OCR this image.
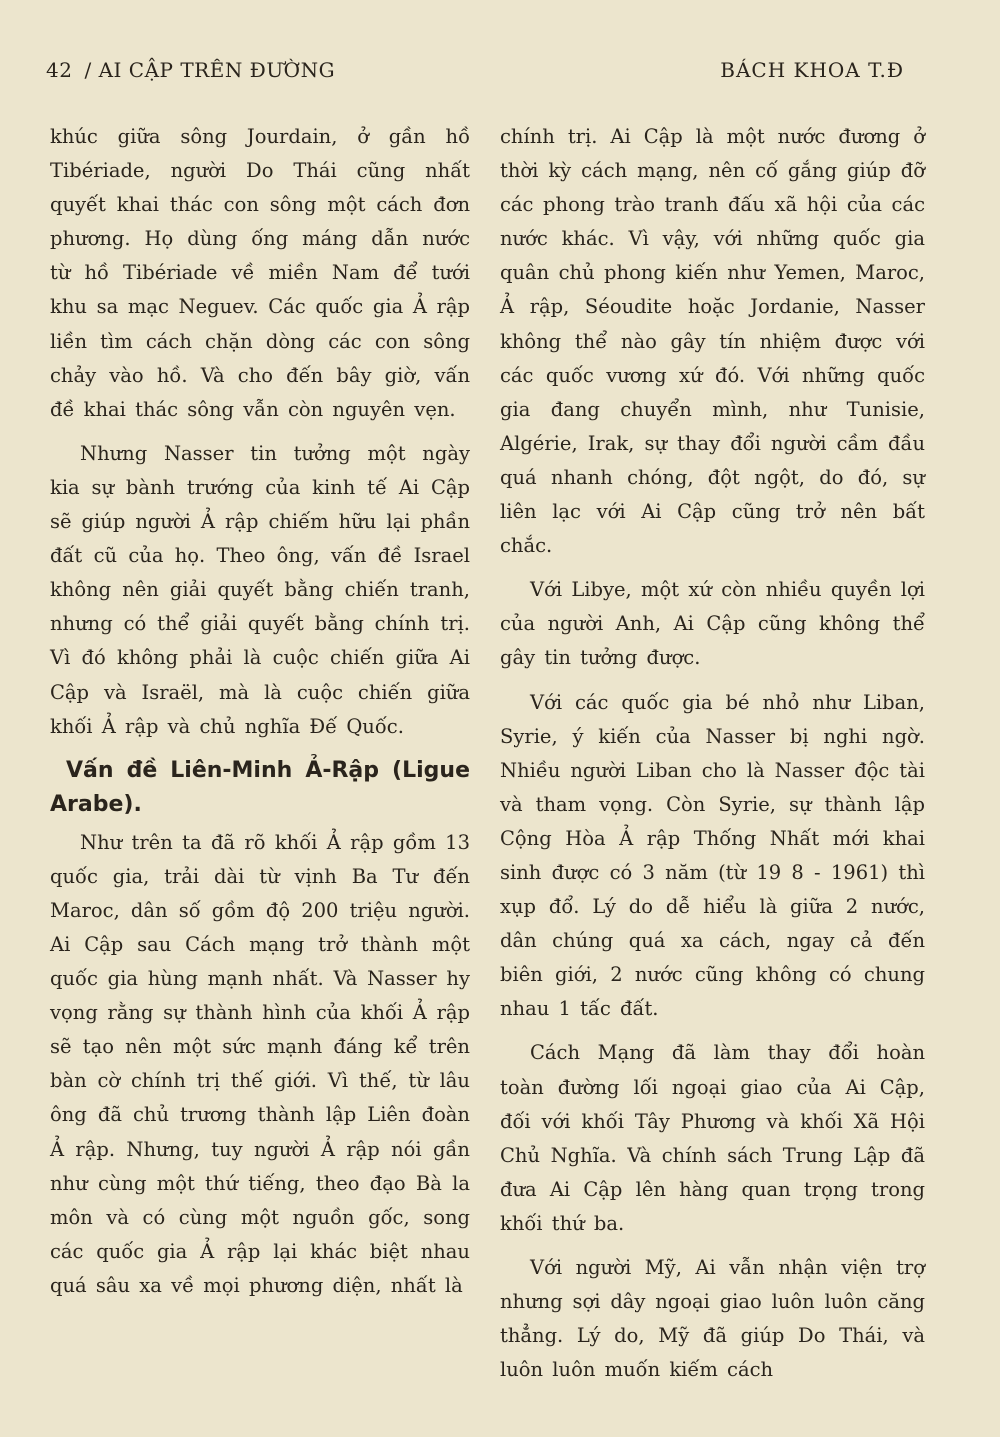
42 / AI CẬP TRÊN ĐƯỜNG	BÁCH KHOA T.Đ

khúc giữa sông Jourdain, ở gần hồ Tibériade, người Do Thái cũng nhất quyết khai thác con sông một cách đơn phương. Họ dùng ống máng dẫn nước từ hồ Tibériade về miền Nam để tưới khu sa mạc Neguev. Các quốc gia Ả rập liền tìm cách chặn dòng các con sông chảy vào hồ. Và cho đến bây giờ, vấn đề khai thác sông vẫn còn nguyên vẹn.

Nhưng Nasser tin tưởng một ngày kia sự bành trướng của kinh tế Ai Cập sẽ giúp người Ả rập chiếm hữu lại phần đất cũ của họ. Theo ông, vấn đề Israel không nên giải quyết bằng chiến tranh, nhưng có thể giải quyết bằng chính trị. Vì đó không phải là cuộc chiến giữa Ai Cập và Israël, mà là cuộc chiến giữa khối Ả rập và chủ nghĩa Đế Quốc.

Vấn đề Liên-Minh Ả-Rập (Ligue Arabe).

Như trên ta đã rõ khối Ả rập gồm 13 quốc gia, trải dài từ vịnh Ba Tư đến Maroc, dân số gồm độ 200 triệu người. Ai Cập sau Cách mạng trở thành một quốc gia hùng mạnh nhất. Và Nasser hy vọng rằng sự thành hình của khối Ả rập sẽ tạo nên một sức mạnh đáng kể trên bàn cờ chính trị thế giới. Vì thế, từ lâu ông đã chủ trương thành lập Liên đoàn Ả rập. Nhưng, tuy người Ả rập nói gần như cùng một thứ tiếng, theo đạo Bà la môn và có cùng một nguồn gốc, song các quốc gia Ả rập lại khác biệt nhau quá sâu xa về mọi phương diện, nhất là

chính trị. Ai Cập là một nước đương ở thời kỳ cách mạng, nên cố gắng giúp đỡ các phong trào tranh đấu xã hội của các nước khác. Vì vậy, với những quốc gia quân chủ phong kiến như Yemen, Maroc, Ả rập, Séoudite hoặc Jordanie, Nasser không thể nào gây tín nhiệm được với các quốc vương xứ đó. Với những quốc gia đang chuyển mình, như Tunisie, Algérie, Irak, sự thay đổi người cầm đầu quá nhanh chóng, đột ngột, do đó, sự liên lạc với Ai Cập cũng trở nên bất chắc.

Với Libye, một xứ còn nhiều quyền lợi của người Anh, Ai Cập cũng không thể gây tin tưởng được.

Với các quốc gia bé nhỏ như Liban, Syrie, ý kiến của Nasser bị nghi ngờ. Nhiều người Liban cho là Nasser độc tài và tham vọng. Còn Syrie, sự thành lập Cộng Hòa Ả rập Thống Nhất mới khai sinh được có 3 năm (từ 19 8 - 1961) thì xụp đổ. Lý do dễ hiểu là giữa 2 nước, dân chúng quá xa cách, ngay cả đến biên giới, 2 nước cũng không có chung nhau 1 tấc đất.

Cách Mạng đã làm thay đổi hoàn toàn đường lối ngoại giao của Ai Cập, đối với khối Tây Phương và khối Xã Hội Chủ Nghĩa. Và chính sách Trung Lập đã đưa Ai Cập lên hàng quan trọng trong khối thứ ba.

Với người Mỹ, Ai vẫn nhận viện trợ nhưng sợi dây ngoại giao luôn luôn căng thẳng. Lý do, Mỹ đã giúp Do Thái, và luôn luôn muốn kiếm cách
